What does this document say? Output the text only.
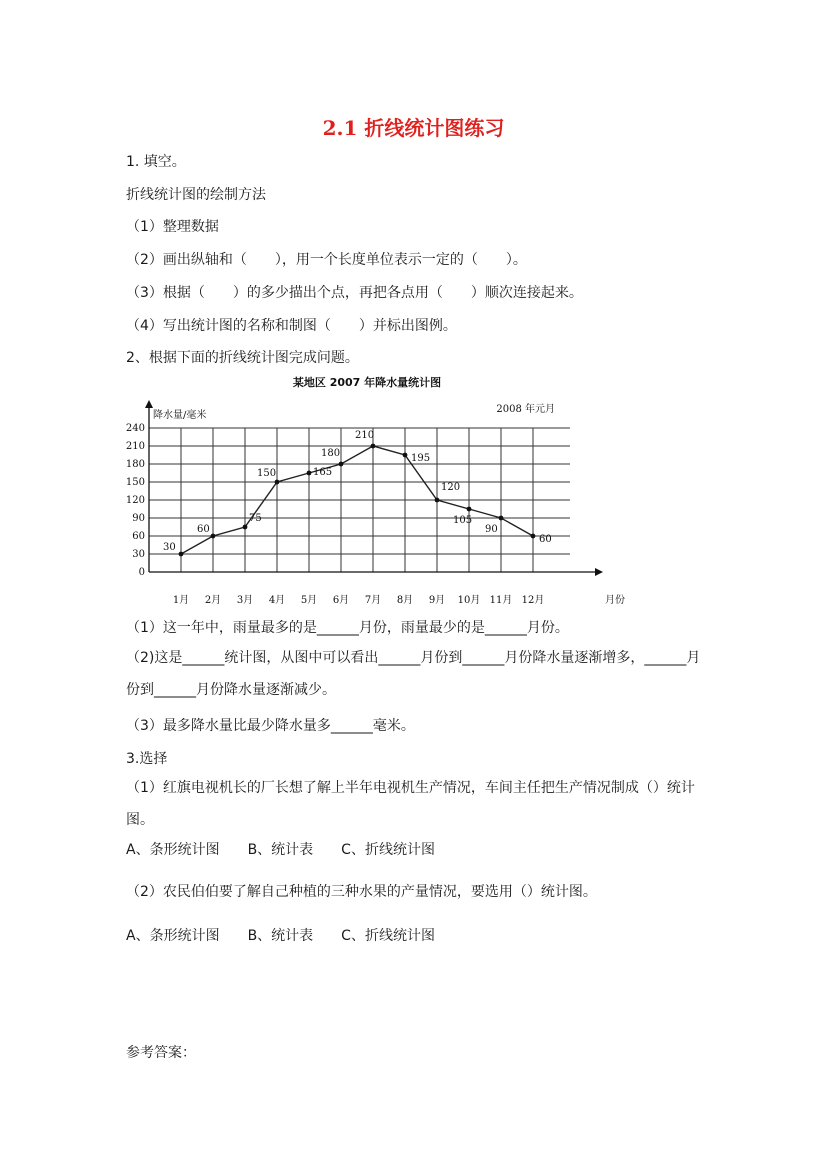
2.1 折线统计图练习
1. 填空。
折线统计图的绘制方法
（1）整理数据
（2）画出纵轴和（　　），用一个长度单位表示一定的（　　）。
（3）根据（　　）的多少描出个点，再把各点用（　　）顺次连接起来。
（4）写出统计图的名称和制图（　　）并标出图例。
2、根据下面的折线统计图完成问题。
某地区 2007 年降水量统计图
2008 年元月
0
30
60
90
120
150
180
210
240
降水量/毫米
月份
1月 2月 3月 4月 5月 6月 7月 8月 9月 10月 11月 12月
30
60
75
150	165
180
210
195
120
105
90
60
（1）这一年中，雨量最多的是______月份，雨量最少的是______月份。
（2)这是______统计图，从图中可以看出______月份到______月份降水量逐渐增多，______月份到______月份降水量逐渐减少。
（3）最多降水量比最少降水量多______毫米。
3.选择
（1）红旗电视机长的厂长想了解上半年电视机生产情况，车间主任把生产情况制成（）统计图。
A、条形统计图　　B、统计表　　C、折线统计图
（2）农民伯伯要了解自己种植的三种水果的产量情况，要选用（）统计图。
A、条形统计图　　B、统计表　　C、折线统计图
参考答案：
